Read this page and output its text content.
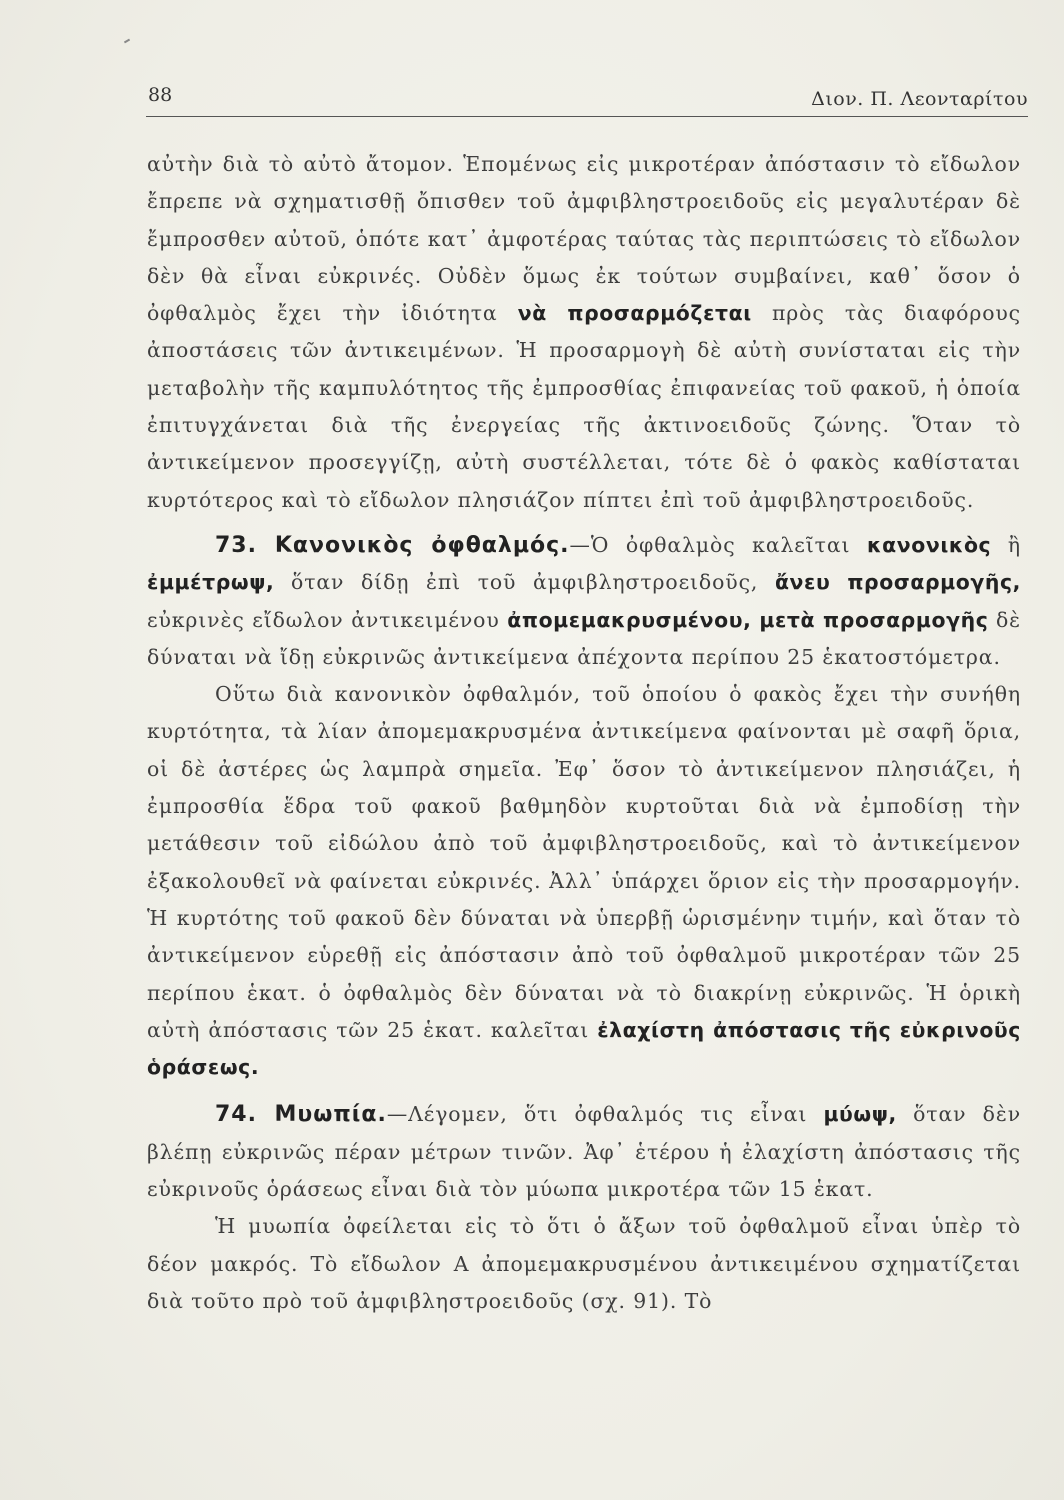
88	Διον. Π. Λεονταρίτου

αὐτὴν διὰ τὸ αὐτὸ ἄτομον. Ἑπομένως εἰς μικροτέραν ἀπόστασιν τὸ εἴδωλον ἔπρεπε νὰ σχηματισθῇ ὄπισθεν τοῦ ἀμφιβληστροειδοῦς εἰς μεγαλυτέραν δὲ ἔμπροσθεν αὐτοῦ, ὁπότε κατ᾽ ἀμφοτέρας ταύτας τὰς περιπτώσεις τὸ εἴδωλον δὲν θὰ εἶναι εὐκρινές. Οὐδὲν ὅμως ἐκ τούτων συμβαίνει, καθ᾽ ὅσον ὁ ὀφθαλμὸς ἔχει τὴν ἰδιότητα νὰ προσαρμόζεται πρὸς τὰς διαφόρους ἀποστάσεις τῶν ἀντικειμένων. Ἡ προσαρμογὴ δὲ αὐτὴ συνίσταται εἰς τὴν μεταβολὴν τῆς καμπυλότητος τῆς ἐμπροσθίας ἐπιφανείας τοῦ φακοῦ, ἡ ὁποία ἐπιτυγχάνεται διὰ τῆς ἐνεργείας τῆς ἀκτινοειδοῦς ζώνης. Ὅταν τὸ ἀντικείμενον προσεγγίζῃ, αὐτὴ συστέλλεται, τότε δὲ ὁ φακὸς καθίσταται κυρτότερος καὶ τὸ εἴδωλον πλησιάζον πίπτει ἐπὶ τοῦ ἀμφιβληστροειδοῦς.

73. Κανονικὸς ὀφθαλμός.—Ὁ ὀφθαλμὸς καλεῖται κανονικὸς ἢ ἐμμέτρωψ, ὅταν δίδῃ ἐπὶ τοῦ ἀμφιβληστροειδοῦς, ἄνευ προσαρμογῆς, εὐκρινὲς εἴδωλον ἀντικειμένου ἀπομεμακρυσμένου, μετὰ προσαρμογῆς δὲ δύναται νὰ ἴδῃ εὐκρινῶς ἀντικείμενα ἀπέχοντα περίπου 25 ἑκατοστόμετρα.

Οὕτω διὰ κανονικὸν ὀφθαλμόν, τοῦ ὁποίου ὁ φακὸς ἔχει τὴν συνήθη κυρτότητα, τὰ λίαν ἀπομεμακρυσμένα ἀντικείμενα φαίνονται μὲ σαφῆ ὅρια, οἱ δὲ ἀστέρες ὡς λαμπρὰ σημεῖα. Ἐφ᾽ ὅσον τὸ ἀντικείμενον πλησιάζει, ἡ ἐμπροσθία ἕδρα τοῦ φακοῦ βαθμηδὸν κυρτοῦται διὰ νὰ ἐμποδίσῃ τὴν μετάθεσιν τοῦ εἰδώλου ἀπὸ τοῦ ἀμφιβληστροειδοῦς, καὶ τὸ ἀντικείμενον ἐξακολουθεῖ νὰ φαίνεται εὐκρινές. Ἀλλ᾽ ὑπάρχει ὅριον εἰς τὴν προσαρμογήν. Ἡ κυρτότης τοῦ φακοῦ δὲν δύναται νὰ ὑπερβῇ ὡρισμένην τιμήν, καὶ ὅταν τὸ ἀντικείμενον εὑρεθῇ εἰς ἀπόστασιν ἀπὸ τοῦ ὀφθαλμοῦ μικροτέραν τῶν 25 περίπου ἑκατ. ὁ ὀφθαλμὸς δὲν δύναται νὰ τὸ διακρίνῃ εὐκρινῶς. Ἡ ὁρικὴ αὐτὴ ἀπόστασις τῶν 25 ἑκατ. καλεῖται ἐλαχίστη ἀπόστασις τῆς εὐκρινοῦς ὁράσεως.

74. Μυωπία.—Λέγομεν, ὅτι ὀφθαλμός τις εἶναι μύωψ, ὅταν δὲν βλέπῃ εὐκρινῶς πέραν μέτρων τινῶν. Ἀφ᾽ ἑτέρου ἡ ἐλαχίστη ἀπόστασις τῆς εὐκρινοῦς ὁράσεως εἶναι διὰ τὸν μύωπα μικροτέρα τῶν 15 ἑκατ.

Ἡ μυωπία ὀφείλεται εἰς τὸ ὅτι ὁ ἄξων τοῦ ὀφθαλμοῦ εἶναι ὑπὲρ τὸ δέον μακρός. Τὸ εἴδωλον Α ἀπομεμακρυσμένου ἀντικειμένου σχηματίζεται διὰ τοῦτο πρὸ τοῦ ἀμφιβληστροειδοῦς (σχ. 91). Τὸ
